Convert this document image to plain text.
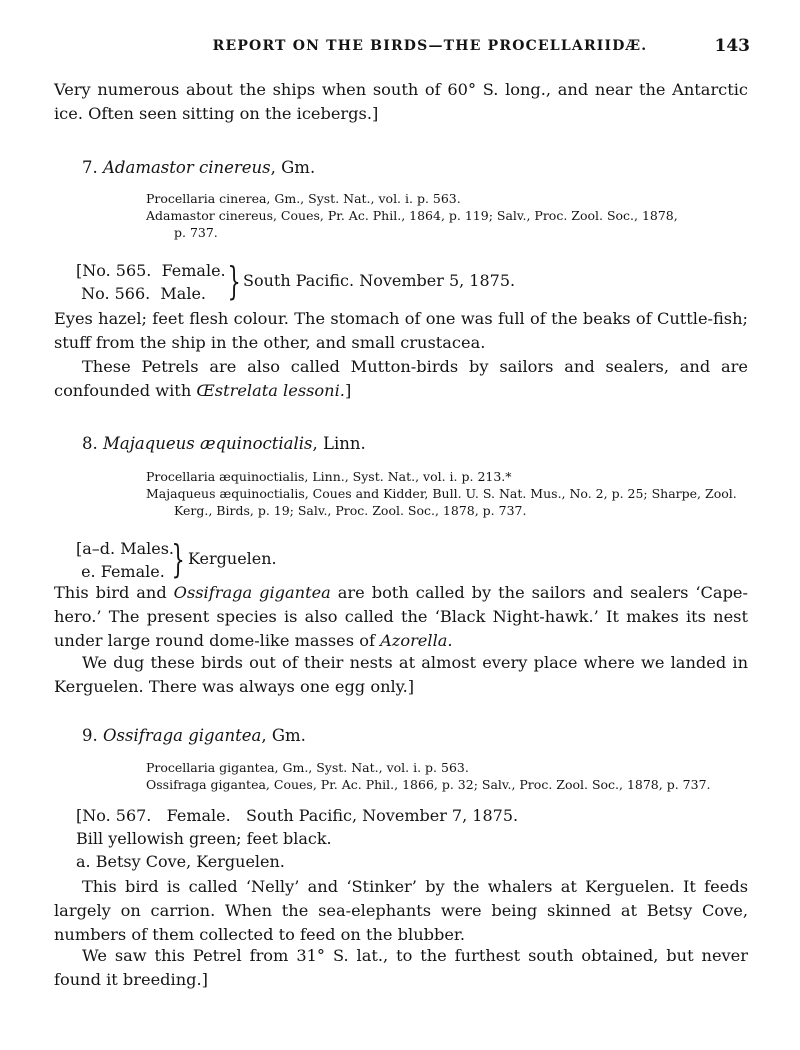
REPORT ON THE BIRDS—THE PROCELLARIIDÆ.	143

Very numerous about the ships when south of 60° S. long., and near the Antarctic ice. Often seen sitting on the icebergs.]

7. Adamastor cinereus, Gm.

Procellaria cinerea, Gm., Syst. Nat., vol. i. p. 563.
Adamastor cinereus, Coues, Pr. Ac. Phil., 1864, p. 119; Salv., Proc. Zool. Soc., 1878,
p. 737.
[No. 565.  Female.
No. 566.  Male. } South Pacific. November 5, 1875.

Eyes hazel; feet flesh colour. The stomach of one was full of the beaks of Cuttle-fish; stuff from the ship in the other, and small crustacea.

These Petrels are also called Mutton-birds by sailors and sealers, and are confounded with Œstrelata lessoni.]

8. Majaqueus æquinoctialis, Linn.

Procellaria æquinoctialis, Linn., Syst. Nat., vol. i. p. 213.*
Majaqueus æquinoctialis, Coues and Kidder, Bull. U. S. Nat. Mus., No. 2, p. 25; Sharpe, Zool.
Kerg., Birds, p. 19; Salv., Proc. Zool. Soc., 1878, p. 737.
[a–d. Males.
e. Female. } Kerguelen.

This bird and Ossifraga gigantea are both called by the sailors and sealers ‘Cape-hero.’ The present species is also called the ‘Black Night-hawk.’ It makes its nest under large round dome-like masses of Azorella.

We dug these birds out of their nests at almost every place where we landed in Kerguelen. There was always one egg only.]

9. Ossifraga gigantea, Gm.

Procellaria gigantea, Gm., Syst. Nat., vol. i. p. 563.
Ossifraga gigantea, Coues, Pr. Ac. Phil., 1866, p. 32; Salv., Proc. Zool. Soc., 1878, p. 737.
[No. 567.   Female.   South Pacific, November 7, 1875.
Bill yellowish green; feet black.
a. Betsy Cove, Kerguelen.

This bird is called ‘Nelly’ and ‘Stinker’ by the whalers at Kerguelen. It feeds largely on carrion. When the sea-elephants were being skinned at Betsy Cove, numbers of them collected to feed on the blubber.

We saw this Petrel from 31° S. lat., to the furthest south obtained, but never found it breeding.]
